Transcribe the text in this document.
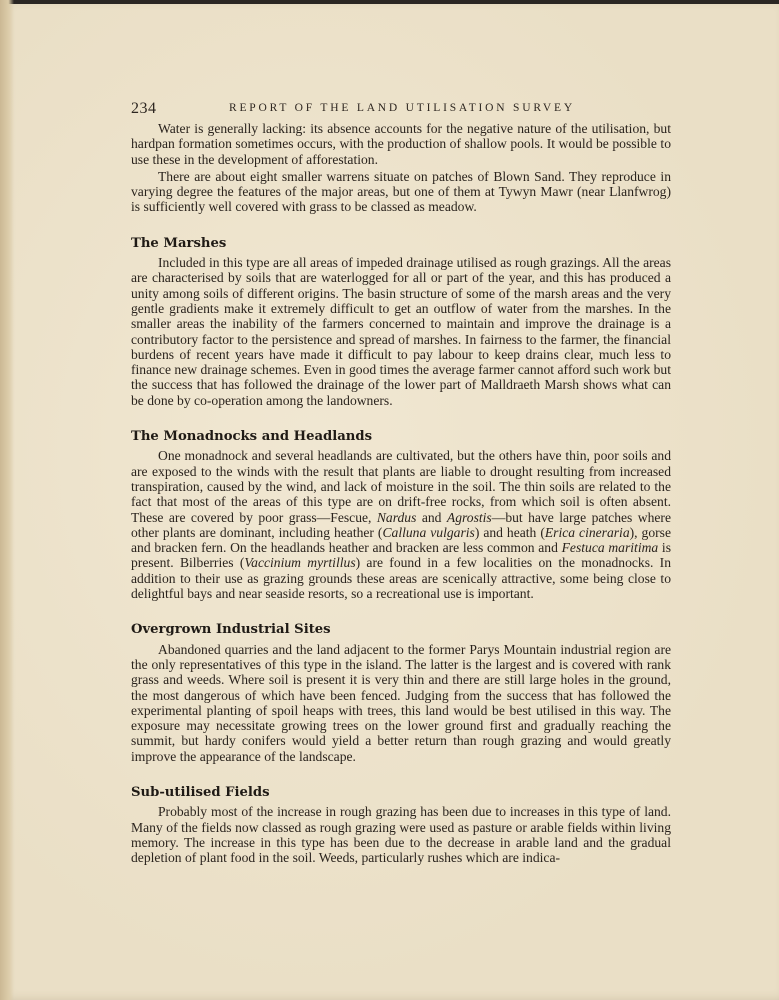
234	REPORT OF THE LAND UTILISATION SURVEY

Water is generally lacking: its absence accounts for the negative nature of the utilisation, but hardpan formation sometimes occurs, with the production of shallow pools. It would be possible to use these in the development of afforestation.

There are about eight smaller warrens situate on patches of Blown Sand. They reproduce in varying degree the features of the major areas, but one of them at Tywyn Mawr (near Llanfwrog) is sufficiently well covered with grass to be classed as meadow.

The Marshes

Included in this type are all areas of impeded drainage utilised as rough grazings. All the areas are characterised by soils that are waterlogged for all or part of the year, and this has produced a unity among soils of different origins. The basin structure of some of the marsh areas and the very gentle gradients make it extremely difficult to get an outflow of water from the marshes. In the smaller areas the inability of the farmers concerned to maintain and improve the drainage is a contributory factor to the persistence and spread of marshes. In fairness to the farmer, the financial burdens of recent years have made it difficult to pay labour to keep drains clear, much less to finance new drainage schemes. Even in good times the average farmer cannot afford such work but the success that has followed the drainage of the lower part of Malldraeth Marsh shows what can be done by co-operation among the landowners.

The Monadnocks and Headlands

One monadnock and several headlands are cultivated, but the others have thin, poor soils and are exposed to the winds with the result that plants are liable to drought resulting from increased transpiration, caused by the wind, and lack of moisture in the soil. The thin soils are related to the fact that most of the areas of this type are on drift-free rocks, from which soil is often absent. These are covered by poor grass—Fescue, Nardus and Agrostis—but have large patches where other plants are dominant, including heather (Calluna vulgaris) and heath (Erica cineraria), gorse and bracken fern. On the headlands heather and bracken are less common and Festuca maritima is present. Bilberries (Vaccinium myrtillus) are found in a few localities on the monadnocks. In addition to their use as grazing grounds these areas are scenically attractive, some being close to delightful bays and near seaside resorts, so a recreational use is important.

Overgrown Industrial Sites

Abandoned quarries and the land adjacent to the former Parys Mountain industrial region are the only representatives of this type in the island. The latter is the largest and is covered with rank grass and weeds. Where soil is present it is very thin and there are still large holes in the ground, the most dangerous of which have been fenced. Judging from the success that has followed the experimental planting of spoil heaps with trees, this land would be best utilised in this way. The exposure may necessitate growing trees on the lower ground first and gradually reaching the summit, but hardy conifers would yield a better return than rough grazing and would greatly improve the appearance of the landscape.

Sub-utilised Fields

Probably most of the increase in rough grazing has been due to increases in this type of land. Many of the fields now classed as rough grazing were used as pasture or arable fields within living memory. The increase in this type has been due to the decrease in arable land and the gradual depletion of plant food in the soil. Weeds, particularly rushes which are indica-
